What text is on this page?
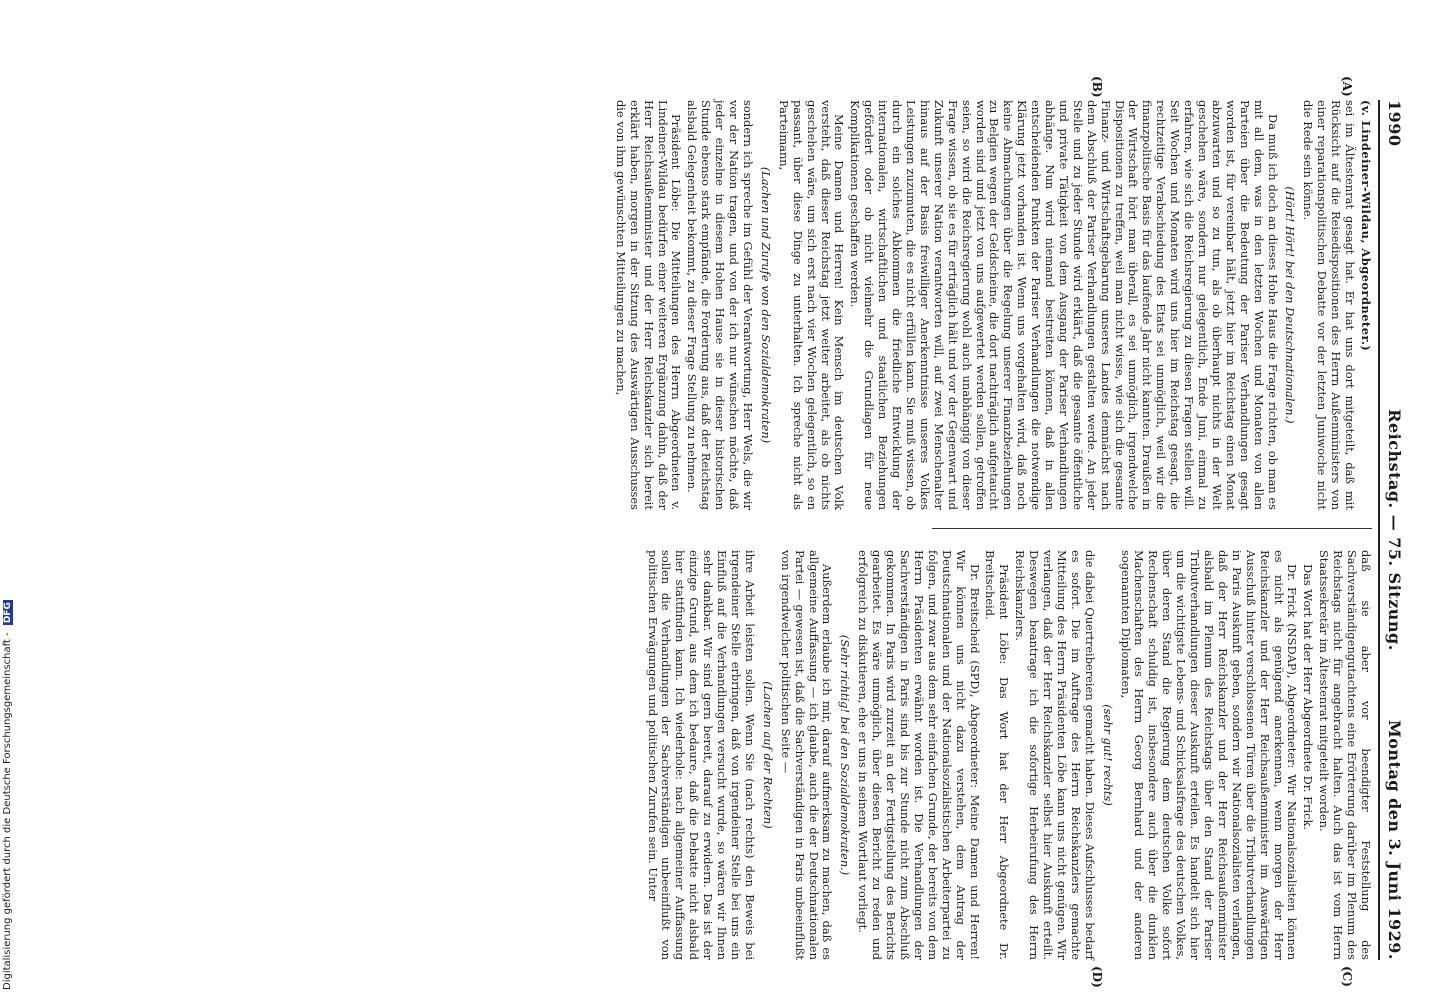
1990
Reichstag. — 75. Sitzung.
Montag den 3. Juni 1929.
(A)
(B)
(C)
(D)

(v. Lindeiner-Wildau, Abgeordneter.)

sei im Ältestenrat gesagt hat. Er hat uns dort mitgeteilt, daß mit Rücksicht auf die Reisedispositionen des Herrn Außenministers von einer reparationspolitischen Debatte vor der letzten Juniwoche nicht die Rede sein könne.

(Hört! Hört! bei den Deutschnationalen.)

Da muß ich doch an dieses Hohe Haus die Frage richten, ob man es mit all dem, was in den letzten Wochen und Monaten von allen Parteien über die Bedeutung der Pariser Verhandlungen gesagt worden ist, für vereinbar hält, jetzt hier im Reichstag einen Monat abzuwarten und so zu tun, als ob überhaupt nichts in der Welt geschehen wäre, sondern nur gelegentlich, Ende Juni, einmal zu erfahren, wie sich die Reichsregierung zu diesen Fragen stellen will. Seit Wochen und Monaten wird uns hier im Reichstag gesagt, die rechtzeitige Verabschiedung des Etats sei unmöglich, weil wir die finanzpolitische Basis für das laufende Jahr nicht kannten. Draußen in der Wirtschaft hört man überall, es sei unmöglich, irgendwelche Dispositionen zu treffen, weil man nicht wisse, wie sich die gesamte Finanz- und Wirtschaftsgebarung unseres Landes demnächst nach dem Abschluß der Pariser Verhandlungen gestalten werde. An jeder Stelle und zu jeder Stunde wird erklärt, daß die gesamte öffentliche und private Tätigkeit von dem Ausgang der Pariser Verhandlungen abhänge. Nun wird niemand bestreiten können, daß in allen entscheidenden Punkten der Pariser Verhandlungen die notwendige Klärung jetzt vorhanden ist. Wenn uns vorgehalten wird, daß noch keine Abmachungen über die Regelung unserer Finanzbeziehungen zu Belgien wegen der Geldscheine, die dort nachträglich aufgetaucht worden sind und jetzt von uns aufgewertet werden sollen, getroffen seien, so wird die Reichsregierung wohl auch unabhängig von dieser Frage wissen, ob sie es für erträglich hält und vor der Gegenwart und Zukunft unserer Nation verantworten will, auf zwei Menschenalter hinaus auf der Basis freiwilliger Anerkenntnisse unseres Volkes Leistungen zuzumuten, die es nicht erfüllen kann. Sie muß wissen, ob durch ein solches Abkommen die friedliche Entwicklung der internationalen, wirtschaftlichen und staatlichen Beziehungen gefördert oder ob nicht vielmehr die Grundlagen für neue Komplikationen geschaffen werden.

Meine Damen und Herren! Kein Mensch im deutschen Volk versteht, daß dieser Reichstag jetzt weiter arbeitet, als ob nichts geschehen wäre, um sich erst nach vier Wochen gelegentlich, so en passant, über diese Dinge zu unterhalten. Ich spreche nicht als Parteimann,

(Lachen und Zurufe von den Sozialdemokraten)

sondern ich spreche im Gefühl der Verantwortung, Herr Wels, die wir vor der Nation tragen, und von der ich nur wünschen möchte, daß jeder einzelne in diesem Hohen Hause sie in dieser historischen Stunde ebenso stark empfände, die Forderung aus, daß der Reichstag alsbald Gelegenheit bekommt, zu dieser Frage Stellung zu nehmen.

Präsident Löbe: Die Mitteilungen des Herrn Abgeordneten v. Lindeiner-Wildau bedürfen einer weiteren Ergänzung dahin, daß der Herr Reichsaußenminister und der Herr Reichskanzler sich bereit erklärt haben, morgen in der Sitzung des Auswärtigen Ausschusses die von ihm gewünschten Mitteilungen zu machen,

daß sie aber vor beendigter Feststellung des Sachverständigengutachtens eine Erörterung darüber im Plenum des Reichstags nicht für angebracht halten. Auch das ist vom Herrn Staatssekretär im Ältestenrat mitgeteilt worden.

Das Wort hat der Herr Abgeordnete Dr. Frick.

Dr. Frick (NSDAP), Abgeordneter: Wir Nationalsozialisten können es nicht als genügend anerkennen, wenn morgen der Herr Reichskanzler und der Herr Reichsaußenminister im Auswärtigen Ausschuß hinter verschlossenen Türen über die Tributverhandlungen in Paris Auskunft geben, sondern wir Nationalsozialisten verlangen, daß der Herr Reichskanzler und der Herr Reichsaußenminister alsbald im Plenum des Reichstags über den Stand der Pariser Tributverhandlungen dieser Auskunft erteilen. Es handelt sich hier um die wichtigste Lebens- und Schicksalsfrage des deutschen Volkes, über deren Stand die Regierung dem deutschen Volke sofort Rechenschaft schuldig ist, insbesondere auch über die dunklen Machenschaften des Herrn Georg Bernhard und der anderen sogenannten Diplomaten,

(sehr gut! rechts)

die dabei Quertreibereien gemacht haben. Dieses Aufschlusses bedarf es sofort. Die im Auftrage des Herrn Reichskanzlers gemachte Mitteilung des Herrn Präsidenten Löbe kann uns nicht genügen. Wir verlangen, daß der Herr Reichskanzler selbst hier Auskunft erteilt. Deswegen beantrage ich die sofortige Herbeirufung des Herrn Reichskanzlers.

Präsident Löbe: Das Wort hat der Herr Abgeordnete Dr. Breitscheid.

Dr. Breitscheid (SPD), Abgeordneter: Meine Damen und Herren! Wir können uns nicht dazu verstehen, dem Antrag der Deutschnationalen und der Nationalsozialistischen Arbeiterpartei zu folgen, und zwar aus dem sehr einfachen Grunde, der bereits von dem Herrn Präsidenten erwähnt worden ist. Die Verhandlungen der Sachverständigen in Paris sind bis zur Stunde nicht zum Abschluß gekommen. In Paris wird zurzeit an der Fertigstellung des Berichts gearbeitet. Es wäre unmöglich, über diesen Bericht zu reden und erfolgreich zu diskutieren, ehe er uns in seinem Wortlaut vorliegt.

(Sehr richtig! bei den Sozialdemokraten.)

Außerdem erlaube ich mir, darauf aufmerksam zu machen, daß es allgemeine Auffassung — ich glaube, auch die der Deutschnationalen Partei — gewesen ist, daß die Sachverständigen in Paris unbeeinflußt von irgendwelcher politischen Seite —

(Lachen auf der Rechten)

ihre Arbeit leisten sollen. Wenn Sie (nach rechts) den Beweis bei irgendeiner Stelle erbringen, daß von irgendeiner Stelle bei uns ein Einfluß auf die Verhandlungen versucht wurde, so wären wir Ihnen sehr dankbar. Wir sind gern bereit, darauf zu erwidern. Das ist der einzige Grund, aus dem ich bedaure, daß die Debatte nicht alsbald hier stattfinden kann. Ich wiederhole: nach allgemeiner Auffassung sollen die Verhandlungen der Sachverständigen unbeeinflußt von politischen Erwägungen und politischen Zurufen sein. Unter

Digitalisierung gefördert durch die Deutsche Forschungsgemeinschaft - DFG
